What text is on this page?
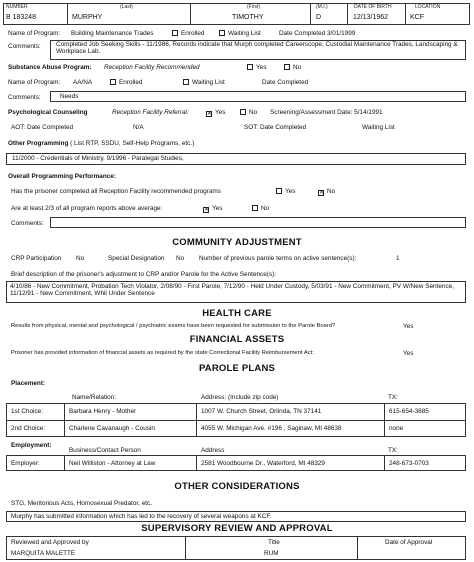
NUMBER
B 183248
(Last)
MURPHY
(First)
TIMOTHY
(M.I.)
D
DATE OF BIRTH
12/13/1962
LOCATION
KCF
Name of Program: Building Maintenance Trades	Enrolled	Waiting List	Date Completed 3/01/1999
Comments: Completed Job Seeking Skills - 11/1986, Records indicate that Murph completed Careerscope, Custodial Maintenance Trades, Landscaping & Workplace Lab.
Substance Abuse Program: Reception Facility Recommended	Yes	No
Name of Program: AA/NA	Enrolled	Waiting List	Date Completed
Comments:	Needs
Psychological Counseling	Reception Facility Referral:	✕ Yes	No Screening/Assessment Date: 5/14/1991
AOT: Date Completed	N/A	SOT: Date Completed	Waiting List
Other Programming ( List RTP, SSDU, Self-Help Programs, etc.)
11/2000 - Credentials of Ministry, 9/1996 - Paralegal Studies,
Overall Programming Performance:
Has the prisoner completed all Reception Facility recommended programs	Yes	✕ No
Are at least 2/3 of all program reports above average:	✕ Yes	No
Comments:
COMMUNITY ADJUSTMENT
CRP Participation No	Special Designation No Number of previous parole terms on active sentence(s):	1
Brief description of the prisoner's adjustment to CRP and/or Parole for the Active Sentence(s):
4/10/86 - New Commitment, Probation Tech Violator, 2/08/90 - First Parole, 7/12/90 - Held Under Custody, 5/03/91 - New Commitment, PV W/New Sentence, 11/12/91 - New Commitment, Whil Under Sentence
HEALTH CARE
Results from physical, mental and psychological / psychiatric exams have been requested for submission to the Parole Board?	Yes
FINANCIAL ASSETS
Prisoner has provided information of financial assets as required by the state Correctional Facility Reimbursement Act:	Yes
PAROLE PLANS
Placement:
Name/Relation:	Address: (Include zip code)	TX:
1st Choice:	Barbara Henry - Mother	1007 W. Church Street, Orlinda, TN 37141	615-654-3885
2nd Choice:	Charlene Cavanaugh - Cousin	4055 W. Michigan Ave. #196 , Saginaw, MI 48638	none
Employment:
Business/Contact Person	Address	TX:
Employer:	Neil Williston - Attorney at Law	2581 Woodbourne Dr., Waterford, MI 48329	248-673-0703
OTHER CONSIDERATIONS
STG, Meritorious Acts, Homosexual Predator, etc.
Murphy has submitted information which has led to the recovery of several weapons at KCF.
SUPERVISORY REVIEW AND APPROVAL
Reviewed and Approved by
MARQUITA MALETTE
Title
RUM
Date of Approval
